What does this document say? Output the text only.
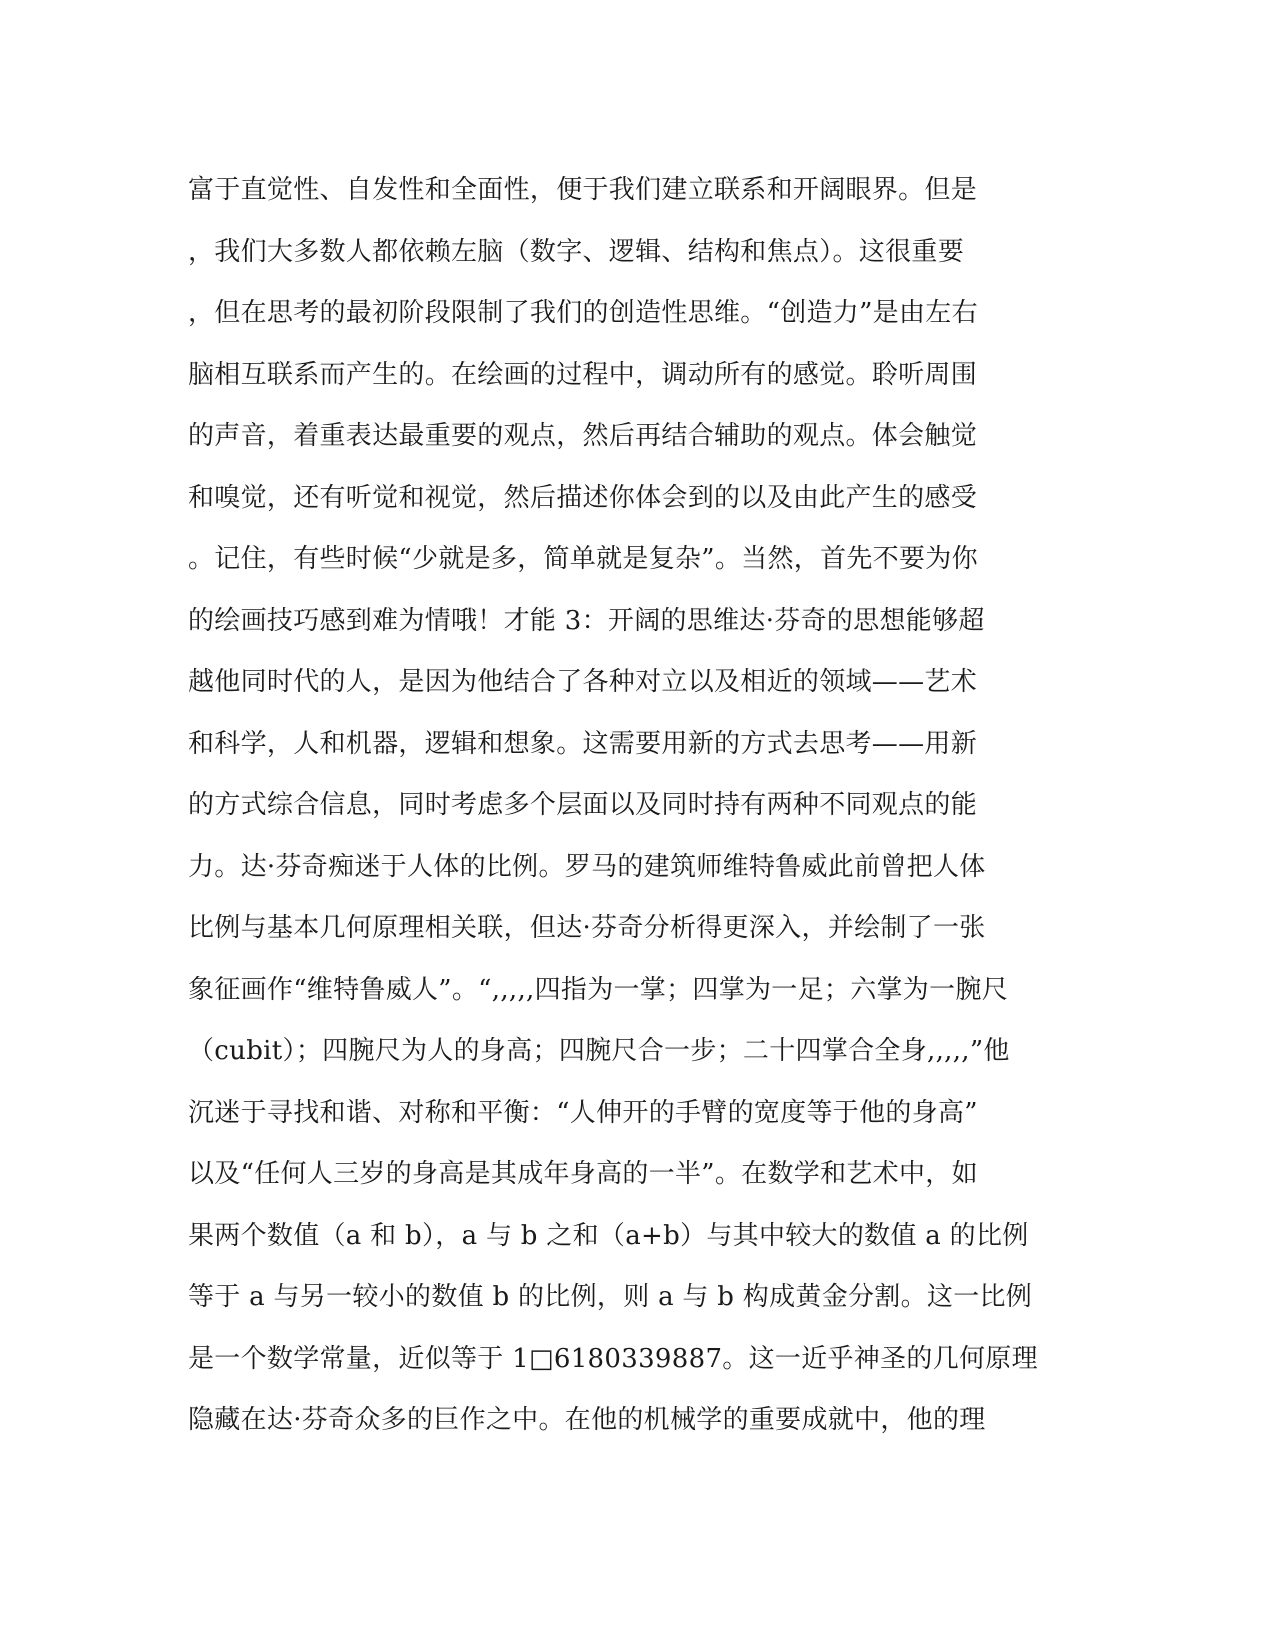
富于直觉性、自发性和全面性，便于我们建立联系和开阔眼界。但是
，我们大多数人都依赖左脑（数字、逻辑、结构和焦点）。这很重要
，但在思考的最初阶段限制了我们的创造性思维。“创造力”是由左右
脑相互联系而产生的。在绘画的过程中，调动所有的感觉。聆听周围
的声音，着重表达最重要的观点，然后再结合辅助的观点。体会触觉
和嗅觉，还有听觉和视觉，然后描述你体会到的以及由此产生的感受
。记住，有些时候“少就是多，简单就是复杂”。当然，首先不要为你
的绘画技巧感到难为情哦！才能 3：开阔的思维达·芬奇的思想能够超
越他同时代的人，是因为他结合了各种对立以及相近的领域——艺术
和科学，人和机器，逻辑和想象。这需要用新的方式去思考——用新
的方式综合信息，同时考虑多个层面以及同时持有两种不同观点的能
力。达·芬奇痴迷于人体的比例。罗马的建筑师维特鲁威此前曾把人体
比例与基本几何原理相关联，但达·芬奇分析得更深入，并绘制了一张
象征画作“维特鲁威人”。“,,,,,四指为一掌；四掌为一足；六掌为一腕尺
（cubit）；四腕尺为人的身高；四腕尺合一步；二十四掌合全身,,,,,”他
沉迷于寻找和谐、对称和平衡：“人伸开的手臂的宽度等于他的身高”
以及“任何人三岁的身高是其成年身高的一半”。在数学和艺术中，如
果两个数值（a 和 b），a 与 b 之和（a+b）与其中较大的数值 a 的比例
等于 a 与另一较小的数值 b 的比例，则 a 与 b 构成黄金分割。这一比例
是一个数学常量，近似等于 1□6180339887。这一近乎神圣的几何原理
隐藏在达·芬奇众多的巨作之中。在他的机械学的重要成就中，他的理
